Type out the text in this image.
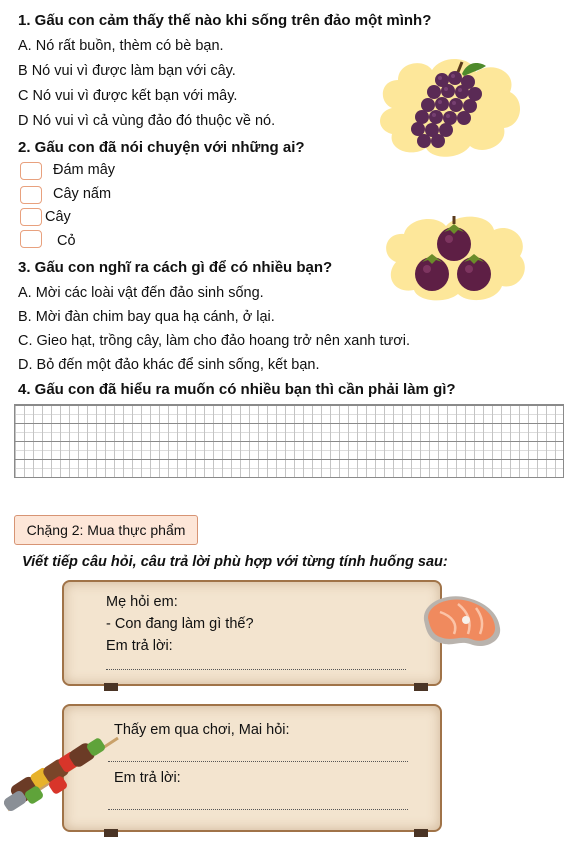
1. Gấu con cảm thấy thế nào khi sống trên đảo một mình?
A. Nó rất buồn, thèm có bè bạn.
B Nó vui vì được làm bạn với cây.
C Nó vui vì được kết bạn với mây.
D Nó vui vì cả vùng đảo đó thuộc về nó.
2. Gấu con đã nói chuyện với những ai?
Đám mây
Cây nấm
Cây
Cỏ
3. Gấu con nghĩ ra cách gì để có nhiều bạn?
A. Mời các loài vật đến đảo sinh sống.
B. Mời đàn chim bay qua hạ cánh, ở lại.
C. Gieo hạt, trồng cây, làm cho đảo hoang trở nên xanh tươi.
D. Bỏ đến một đảo khác để sinh sống, kết bạn.
4. Gấu con đã hiểu ra muốn có nhiều bạn thì cần phải làm gì?
Chặng 2: Mua thực phẩm
Viết tiếp câu hỏi, câu trả lời phù hợp với từng tính huống sau:
Mẹ hỏi em:
- Con đang làm gì thế?
Em trả lời:
Thấy em qua chơi, Mai hỏi:
Em trả lời:
